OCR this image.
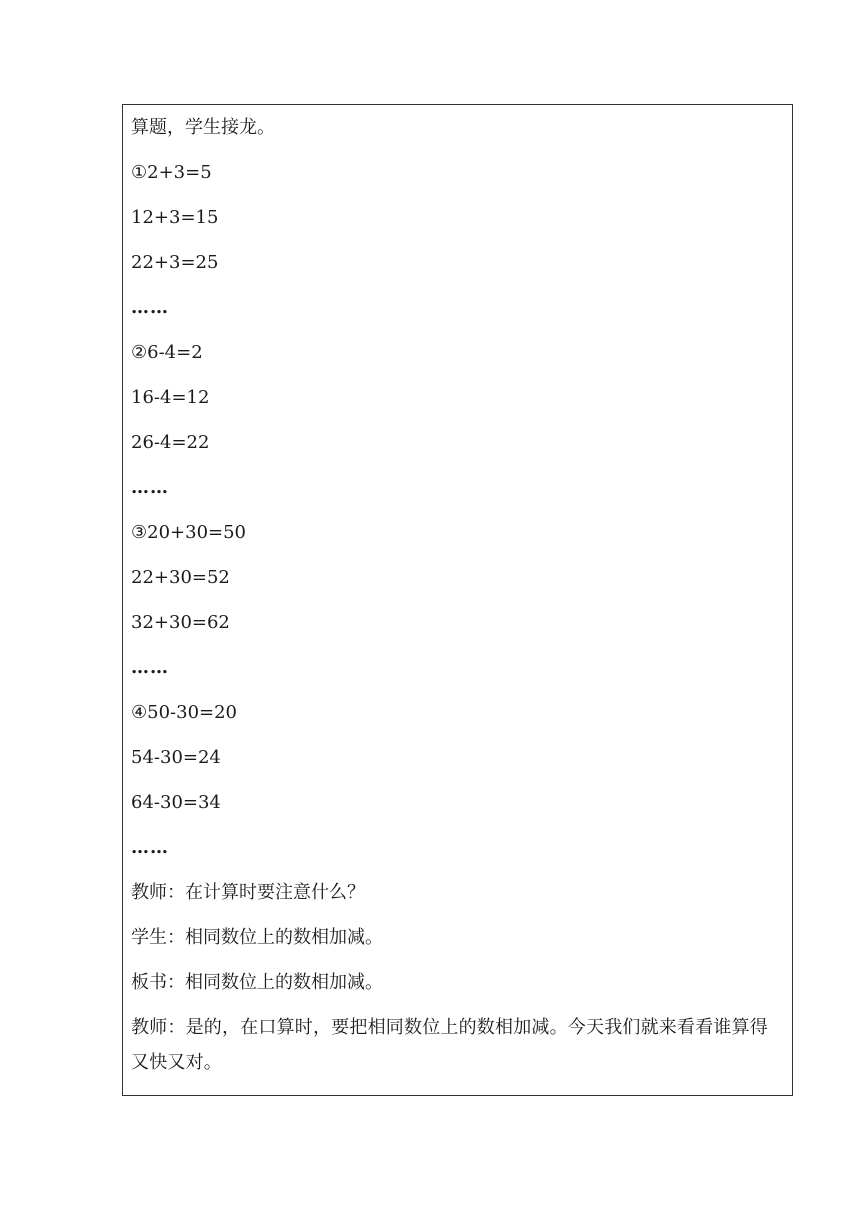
算题，学生接龙。
①2+3=5
12+3=15
22+3=25
……
②6-4=2
16-4=12
26-4=22
……
③20+30=50
22+30=52
32+30=62
……
④50-30=20
54-30=24
64-30=34
……
教师：在计算时要注意什么？
学生：相同数位上的数相加减。
板书：相同数位上的数相加减。
教师：是的，在口算时，要把相同数位上的数相加减。今天我们就来看看谁算得又快又对。
